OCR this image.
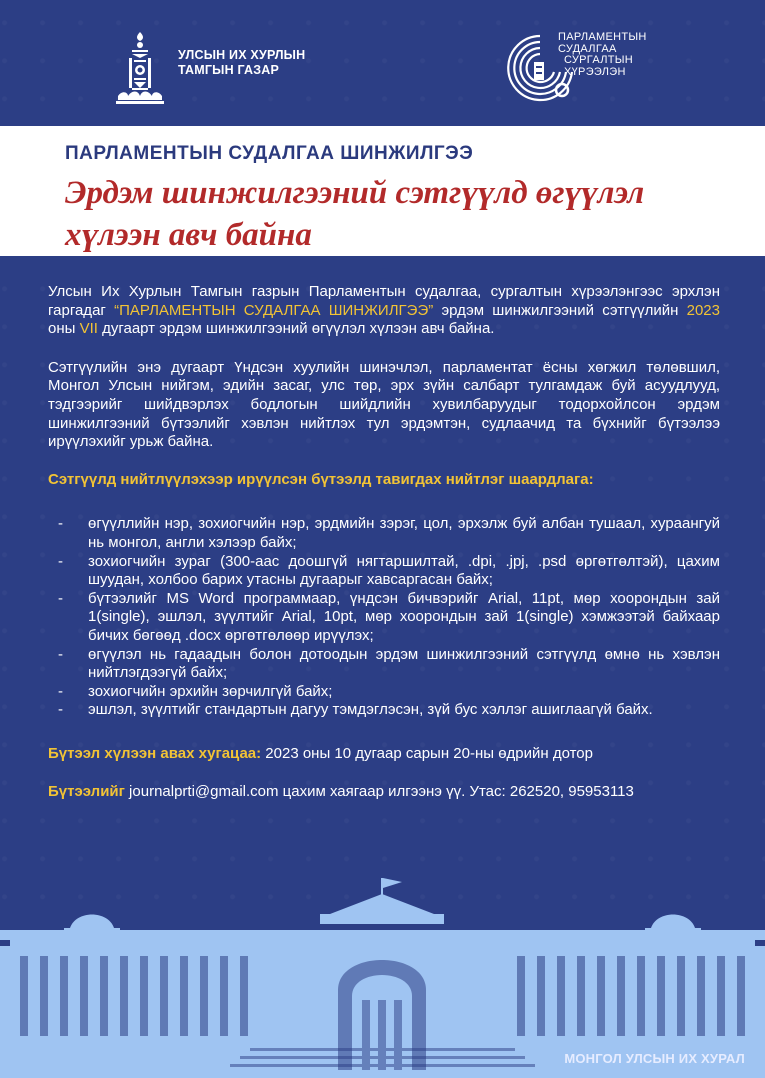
УЛСЫН ИХ ХУРЛЫН
ТАМГЫН ГАЗАР
ПАРЛАМЕНТЫН
СУДАЛГАА
СУРГАЛТЫН
ХҮРЭЭЛЭН
ПАРЛАМЕНТЫН СУДАЛГАА ШИНЖИЛГЭЭ
Эрдэм шинжилгээний сэтгүүлд өгүүлэл хүлээн авч байна

Улсын Их Хурлын Тамгын газрын Парламентын судалгаа, сургалтын хүрээлэнгээс эрхлэн гаргадаг “ПАРЛАМЕНТЫН СУДАЛГАА ШИНЖИЛГЭЭ” эрдэм шинжилгээний сэтгүүлийн 2023 оны VII дугаарт эрдэм шинжилгээний өгүүлэл хүлээн авч байна.

Сэтгүүлийн энэ дугаарт Үндсэн хуулийн шинэчлэл, парламентат ёсны хөгжил төлөвшил, Монгол Улсын нийгэм, эдийн засаг, улс төр, эрх зүйн салбарт тулгамдаж буй асуудлууд, тэдгээрийг шийдвэрлэх бодлогын шийдлийн хувилбаруудыг тодорхойлсон эрдэм шинжилгээний бүтээлийг хэвлэн нийтлэх тул эрдэмтэн, судлаачид та бүхнийг бүтээлээ ирүүлэхийг урьж байна.

Сэтгүүлд нийтлүүлэхээр ирүүлсэн бүтээлд тавигдах нийтлэг шаардлага:

- өгүүллийн нэр, зохиогчийн нэр, эрдмийн зэрэг, цол, эрхэлж буй албан тушаал, хураангуй нь монгол, англи хэлээр байх;
- зохиогчийн зураг (300-аас доошгүй нягтаршилтай, .dpi, .jpj, .psd өргөтгөлтэй), цахим шуудан, холбоо барих утасны дугаарыг хавсаргасан байх;
- бүтээлийг MS Word программаар, үндсэн бичвэрийг Arial, 11pt, мөр хоорондын зай 1(single), эшлэл, зүүлтийг Arial, 10pt, мөр хоорондын зай 1(single) хэмжээтэй байхаар бичих бөгөөд .docx өргөтгөлөөр ирүүлэх;
- өгүүлэл нь гадаадын болон дотоодын эрдэм шинжилгээний сэтгүүлд өмнө нь хэвлэн нийтлэгдээгүй байх;
- зохиогчийн эрхийн зөрчилгүй байх;
- эшлэл, зүүлтийг стандартын дагуу тэмдэглэсэн, зүй бус хэллэг ашиглаагүй байх.

Бүтээл хүлээн авах хугацаа: 2023 оны 10 дугаар сарын 20-ны өдрийн дотор

Бүтээлийг journalprti@gmail.com цахим хаягаар илгээнэ үү. Утас: 262520, 95953113

МОНГОЛ УЛСЫН ИХ ХУРАЛ
